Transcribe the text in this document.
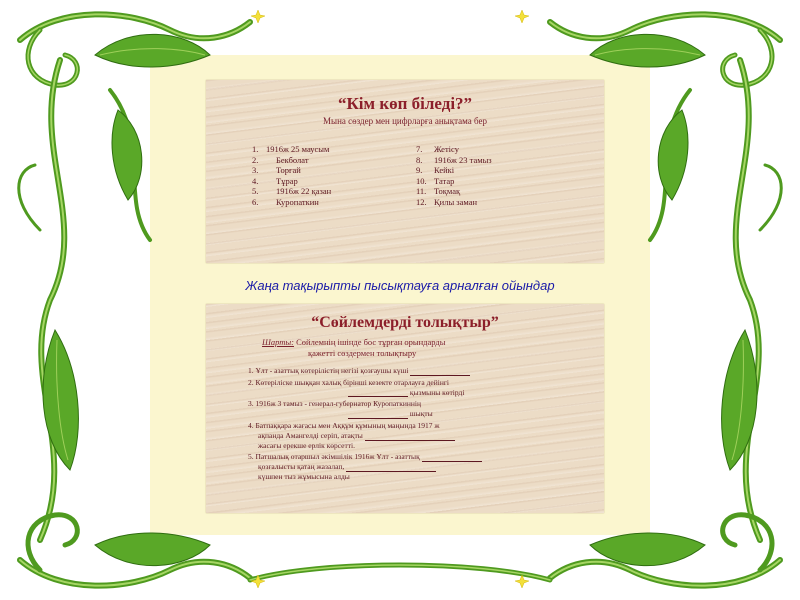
“Кім көп біледі?”
Мына сөздер мен цифрларға анықтама бер
1. 1916ж 25 маусым
2.	Бекболат
3.	Торғай
4.	Тұрар
5.	1916ж 22 қазан
6.	Куропаткин
7.	Жетісу
8.	1916ж 23 тамыз
9.	Кейкі
10. Татар
11. Тоқмақ
12. Қилы заман
Жаңа тақырыпты пысықтауға арналған ойындар
“Сөйлемдерді толықтыр”
Шарты: Сөйлемнің ішінде бос тұрған орындарды
қажетті сөздермен толықтыру
1. Ұлт - азаттық көтерілістің негізі қозғаушы күші
2. Көтеріліске шыққан халық бірінші кезекте отарлауға дейінгі
қызмыны көтірді
3. 1916ж 3 тамыз - генерал-губернатор Куропаткиннің
шықты
4. Батпаққара жағасы мен Аққұм құмының маңында 1917 ж
ақпанда Амангелді серіп, атақты
жасағы ерекше ерлік көрсетті.
5. Патшалық отаршыл әкімшілік 1916ж Ұлт - азаттық
қозғалысты қатаң жазалап,
күшпен тыз жұмысына алды
